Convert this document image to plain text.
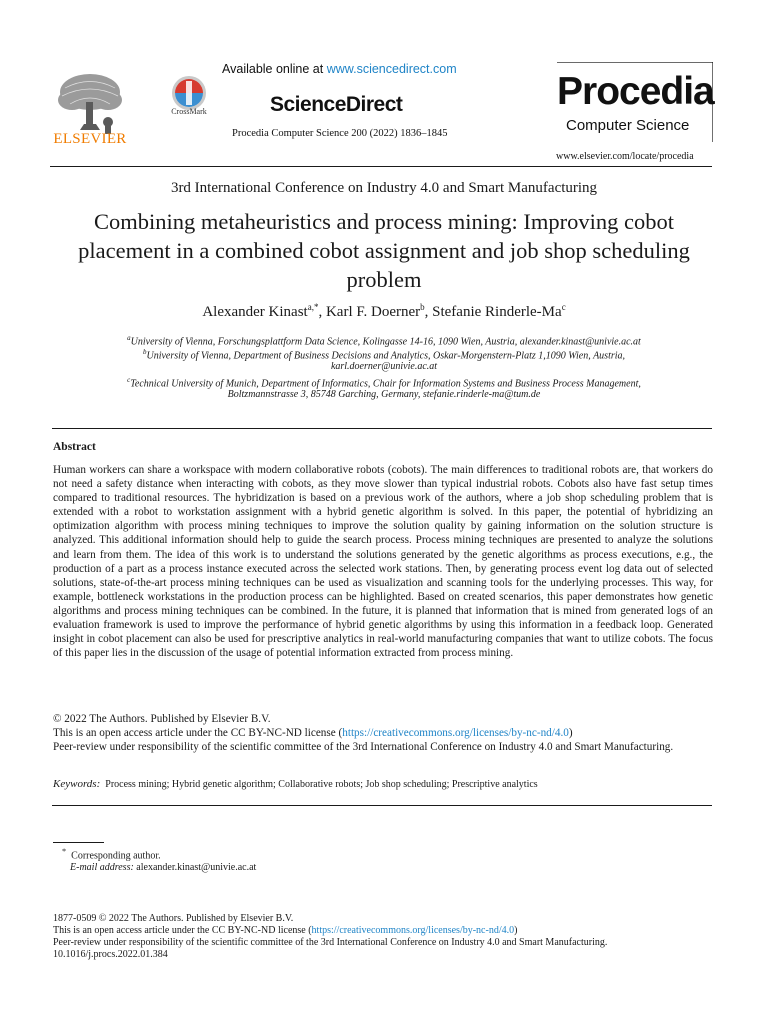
ELSEVIER
CrossMark
Available online at www.sciencedirect.com
ScienceDirect
Procedia Computer Science 200 (2022) 1836–1845
Procedia
Computer Science
www.elsevier.com/locate/procedia
3rd International Conference on Industry 4.0 and Smart Manufacturing
Combining metaheuristics and process mining: Improving cobot
placement in a combined cobot assignment and job shop scheduling
problem
Alexander Kinast$^{a,*}$, Karl F. Doerner$^b$, Stefanie Rinderle-Ma$^c$
$^a$University of Vienna, Forschungsplattform Data Science, Kolingasse 14-16, 1090 Wien, Austria, alexander.kinast@univie.ac.at
$^b$University of Vienna, Department of Business Decisions and Analytics, Oskar-Morgenstern-Platz 1,1090 Wien, Austria,
karl.doerner@univie.ac.at
$^c$Technical University of Munich, Department of Informatics, Chair for Information Systems and Business Process Management,
Boltzmannstrasse 3, 85748 Garching, Germany, stefanie.rinderle-ma@tum.de
Abstract
Human workers can share a workspace with modern collaborative robots (cobots). The main differences to traditional robots are, that workers do not need a safety distance when interacting with cobots, as they move slower than typical industrial robots. Cobots also have fast setup times compared to traditional resources. The hybridization is based on a previous work of the authors, where a job shop scheduling problem that is extended with a robot to workstation assignment with a hybrid genetic algorithm is solved. In this paper, the potential of hybridizing an optimization algorithm with process mining techniques to improve the solution quality by gaining information on the solution structure is analyzed. This additional information should help to guide the search process. Process mining techniques are presented to analyze the solutions and learn from them. The idea of this work is to understand the solutions generated by the genetic algorithms as process executions, e.g., the production of a part as a process instance executed across the selected work stations. Then, by generating process event log data out of selected solutions, state-of-the-art process mining techniques can be used as visualization and scanning tools for the underlying processes. This way, for example, bottleneck workstations in the production process can be highlighted. Based on created scenarios, this paper demonstrates how genetic algorithms and process mining techniques can be combined. In the future, it is planned that information that is mined from generated logs of an evaluation framework is used to improve the performance of hybrid genetic algorithms by using this information in a feedback loop. Generated insight in cobot placement can also be used for prescriptive analytics in real-world manufacturing companies that want to utilize cobots. The focus of this paper lies in the discussion of the usage of potential information extracted from process mining.
© 2022 The Authors. Published by Elsevier B.V.
This is an open access article under the CC BY-NC-ND license (https://creativecommons.org/licenses/by-nc-nd/4.0)
Peer-review under responsibility of the scientific committee of the 3rd International Conference on Industry 4.0 and Smart Manufacturing.
Keywords: Process mining; Hybrid genetic algorithm; Collaborative robots; Job shop scheduling; Prescriptive analytics
* Corresponding author.
E-mail address: alexander.kinast@univie.ac.at
1877-0509 © 2022 The Authors. Published by Elsevier B.V.
This is an open access article under the CC BY-NC-ND license (https://creativecommons.org/licenses/by-nc-nd/4.0)
Peer-review under responsibility of the scientific committee of the 3rd International Conference on Industry 4.0 and Smart Manufacturing.
10.1016/j.procs.2022.01.384
